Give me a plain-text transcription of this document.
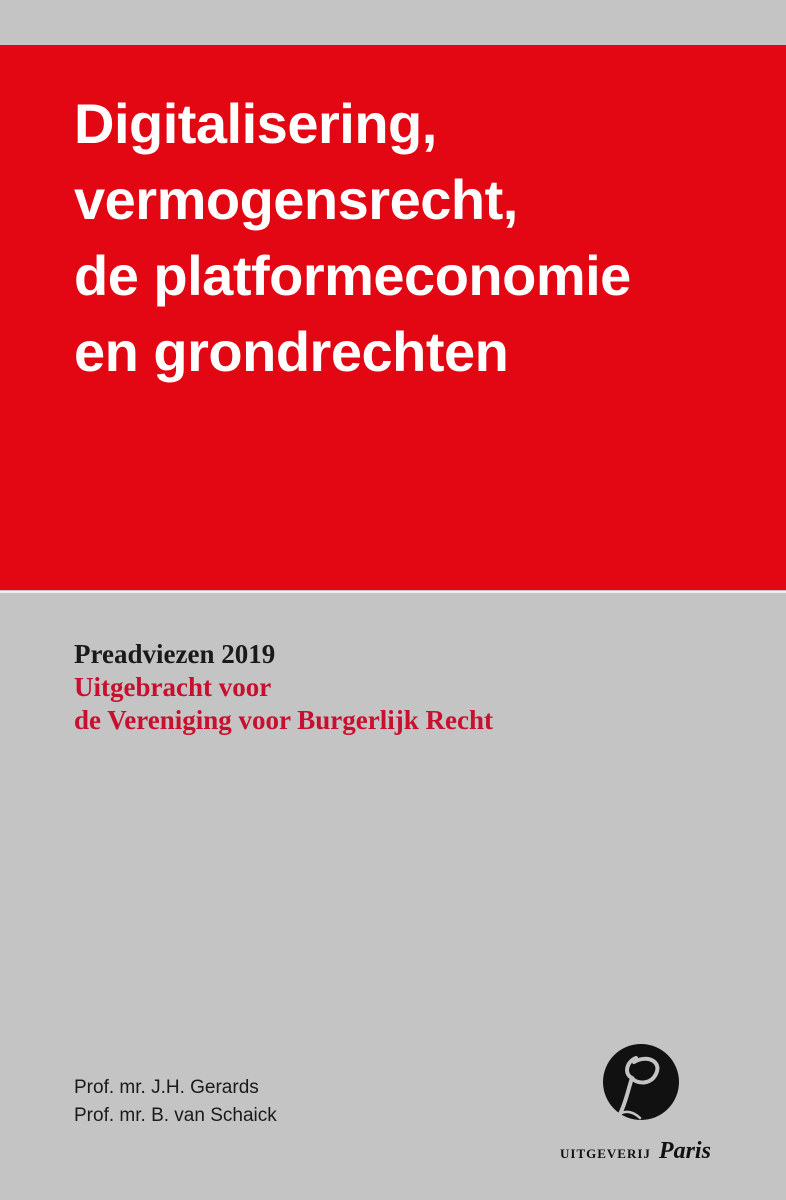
Digitalisering,
vermogensrecht,
de platformeconomie
en grondrechten
Preadviezen 2019
Uitgebracht voor
de Vereniging voor Burgerlijk Recht
Prof. mr. J.H. Gerards
Prof. mr. B. van Schaick
UITGEVERIJ Paris
